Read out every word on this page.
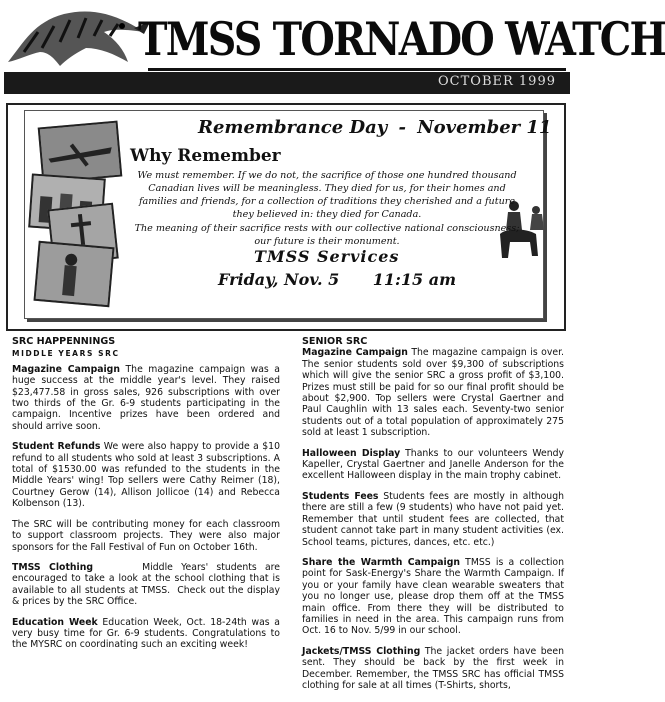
TMSS TORNADO WATCH
OCTOBER 1999
Remembrance Day - November 11
Why Remember

We must remember. If we do not, the sacrifice of those one hundred thousand Canadian lives will be meaningless. They died for us, for their homes and families and friends, for a collection of traditions they cherished and a future they believed in: they died for Canada.

The meaning of their sacrifice rests with our collective national consciousness; our future is their monument.

TMSS Services
Friday, Nov. 5 11:15 am
SRC HAPPENNINGS
MIDDLE YEARS SRC

Magazine Campaign The magazine campaign was a huge success at the middle year's level. They raised $23,477.58 in gross sales, 926 subscriptions with over two thirds of the Gr. 6-9 students participating in the campaign. Incentive prizes have been ordered and should arrive soon.

Student Refunds We were also happy to provide a $10 refund to all students who sold at least 3 subscriptions. A total of $1530.00 was refunded to the students in the Middle Years' wing! Top sellers were Cathy Reimer (18), Courtney Gerow (14), Allison Jollicoe (14) and Rebecca Kolbenson (13).

The SRC will be contributing money for each classroom to support classroom projects. They were also major sponsors for the Fall Festival of Fun on October 16th.

TMSS Clothing      Middle Years' students are encouraged to take a look at the school clothing that is available to all students at TMSS.  Check out the display & prices by the SRC Office.

Education Week Education Week, Oct. 18-24th was a very busy time for Gr. 6-9 students. Congratulations to the MYSRC on coordinating such an exciting week!

SENIOR SRC

Magazine Campaign The magazine campaign is over. The senior students sold over $9,300 of subscriptions which will give the senior SRC a gross profit of $3,100. Prizes must still be paid for so our final profit should be about $2,900. Top sellers were Crystal Gaertner and Paul Caughlin with 13 sales each. Seventy-two senior students out of a total population of approximately 275 sold at least 1 subscription.

Halloween Display Thanks to our volunteers Wendy Kapeller, Crystal Gaertner and Janelle Anderson for the excellent Halloween display in the main trophy cabinet.

Students Fees Students fees are mostly in although there are still a few (9 students) who have not paid yet. Remember that until student fees are collected, that student cannot take part in many student activities (ex. School teams, pictures, dances, etc. etc.)

Share the Warmth Campaign TMSS is a collection point for Sask-Energy's Share the Warmth Campaign. If you or your family have clean wearable sweaters that you no longer use, please drop them off at the TMSS main office. From there they will be distributed to families in need in the area. This campaign runs from Oct. 16 to Nov. 5/99 in our school.

Jackets/TMSS Clothing The jacket orders have been sent. They should be back by the first week in December. Remember, the TMSS SRC has official TMSS clothing for sale at all times (T-Shirts, shorts,
